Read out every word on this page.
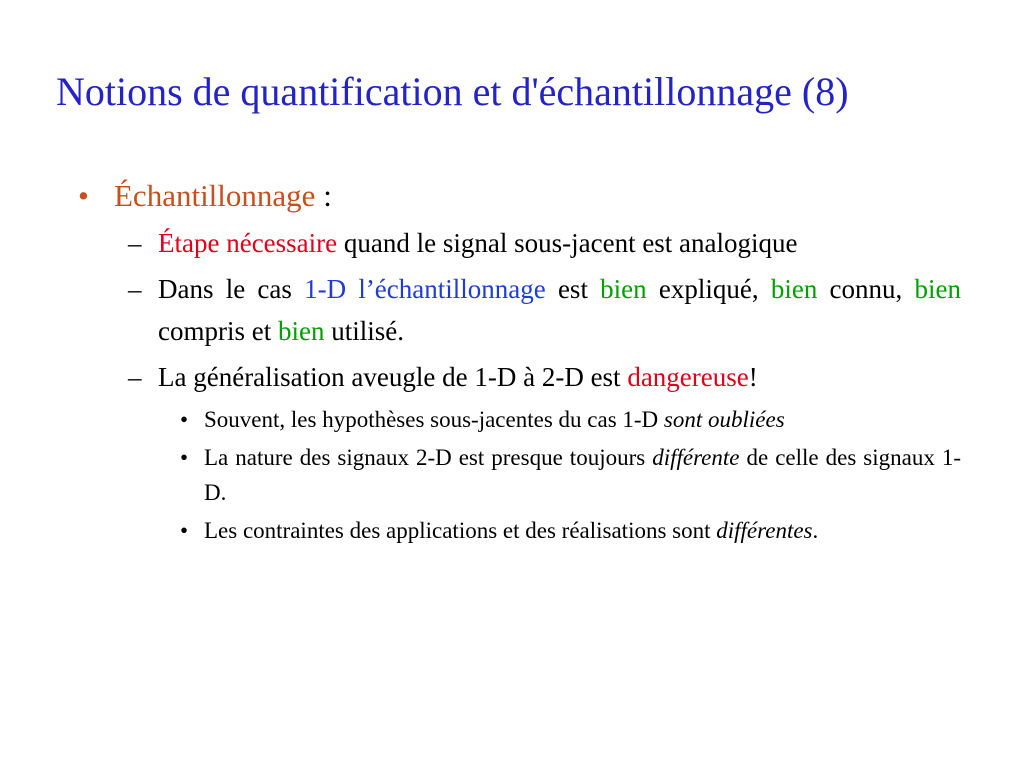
Notions de quantification et d'échantillonnage (8)
• Échantillonnage :
– Étape nécessaire quand le signal sous-jacent est analogique
– Dans le cas 1-D l’échantillonnage est bien expliqué, bien connu, bien compris et bien utilisé.
– La généralisation aveugle de 1-D à 2-D est dangereuse!
• Souvent, les hypothèses sous-jacentes du cas 1-D sont oubliées
• La nature des signaux 2-D est presque toujours différente de celle des signaux 1-D.
• Les contraintes des applications et des réalisations sont différentes.
